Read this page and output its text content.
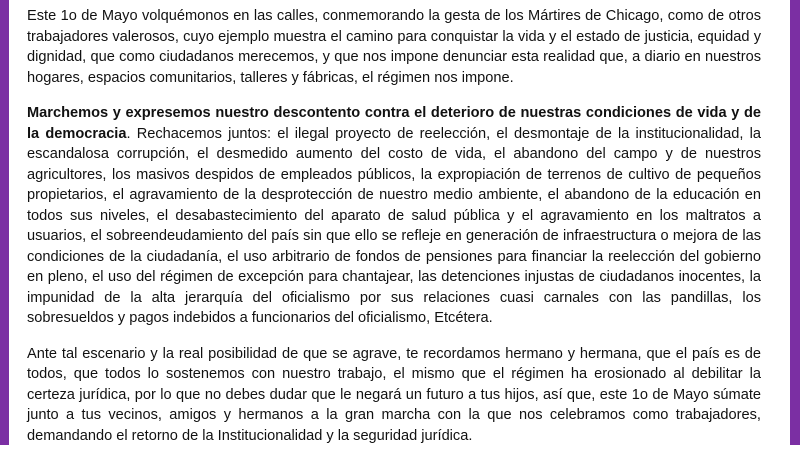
Este 1o de Mayo volquémonos en las calles, conmemorando la gesta de los Mártires de Chicago, como de otros trabajadores valerosos, cuyo ejemplo muestra el camino para conquistar la vida y el estado de justicia, equidad y dignidad, que como ciudadanos merecemos, y que nos impone denunciar esta realidad que, a diario en nuestros hogares, espacios comunitarios, talleres y fábricas, el régimen nos impone.

Marchemos y expresemos nuestro descontento contra el deterioro de nuestras condiciones de vida y de la democracia. Rechacemos juntos: el ilegal proyecto de reelección, el desmontaje de la institucionalidad, la escandalosa corrupción, el desmedido aumento del costo de vida, el abandono del campo y de nuestros agricultores, los masivos despidos de empleados públicos, la expropiación de terrenos de cultivo de pequeños propietarios, el agravamiento de la desprotección de nuestro medio ambiente, el abandono de la educación en todos sus niveles, el desabastecimiento del aparato de salud pública y el agravamiento en los maltratos a usuarios, el sobreendeudamiento del país sin que ello se refleje en generación de infraestructura o mejora de las condiciones de la ciudadanía, el uso arbitrario de fondos de pensiones para financiar la reelección del gobierno en pleno, el uso del régimen de excepción para chantajear, las detenciones injustas de ciudadanos inocentes, la impunidad de la alta jerarquía del oficialismo por sus relaciones cuasi carnales con las pandillas, los sobresueldos y pagos indebidos a funcionarios del oficialismo, Etcétera.

Ante tal escenario y la real posibilidad de que se agrave, te recordamos hermano y hermana, que el país es de todos, que todos lo sostenemos con nuestro trabajo, el mismo que el régimen ha erosionado al debilitar la certeza jurídica, por lo que no debes dudar que le negará un futuro a tus hijos, así que, este 1o de Mayo súmate junto a tus vecinos, amigos y hermanos a la gran marcha con la que nos celebramos como trabajadores, demandando el retorno de la Institucionalidad y la seguridad jurídica.
